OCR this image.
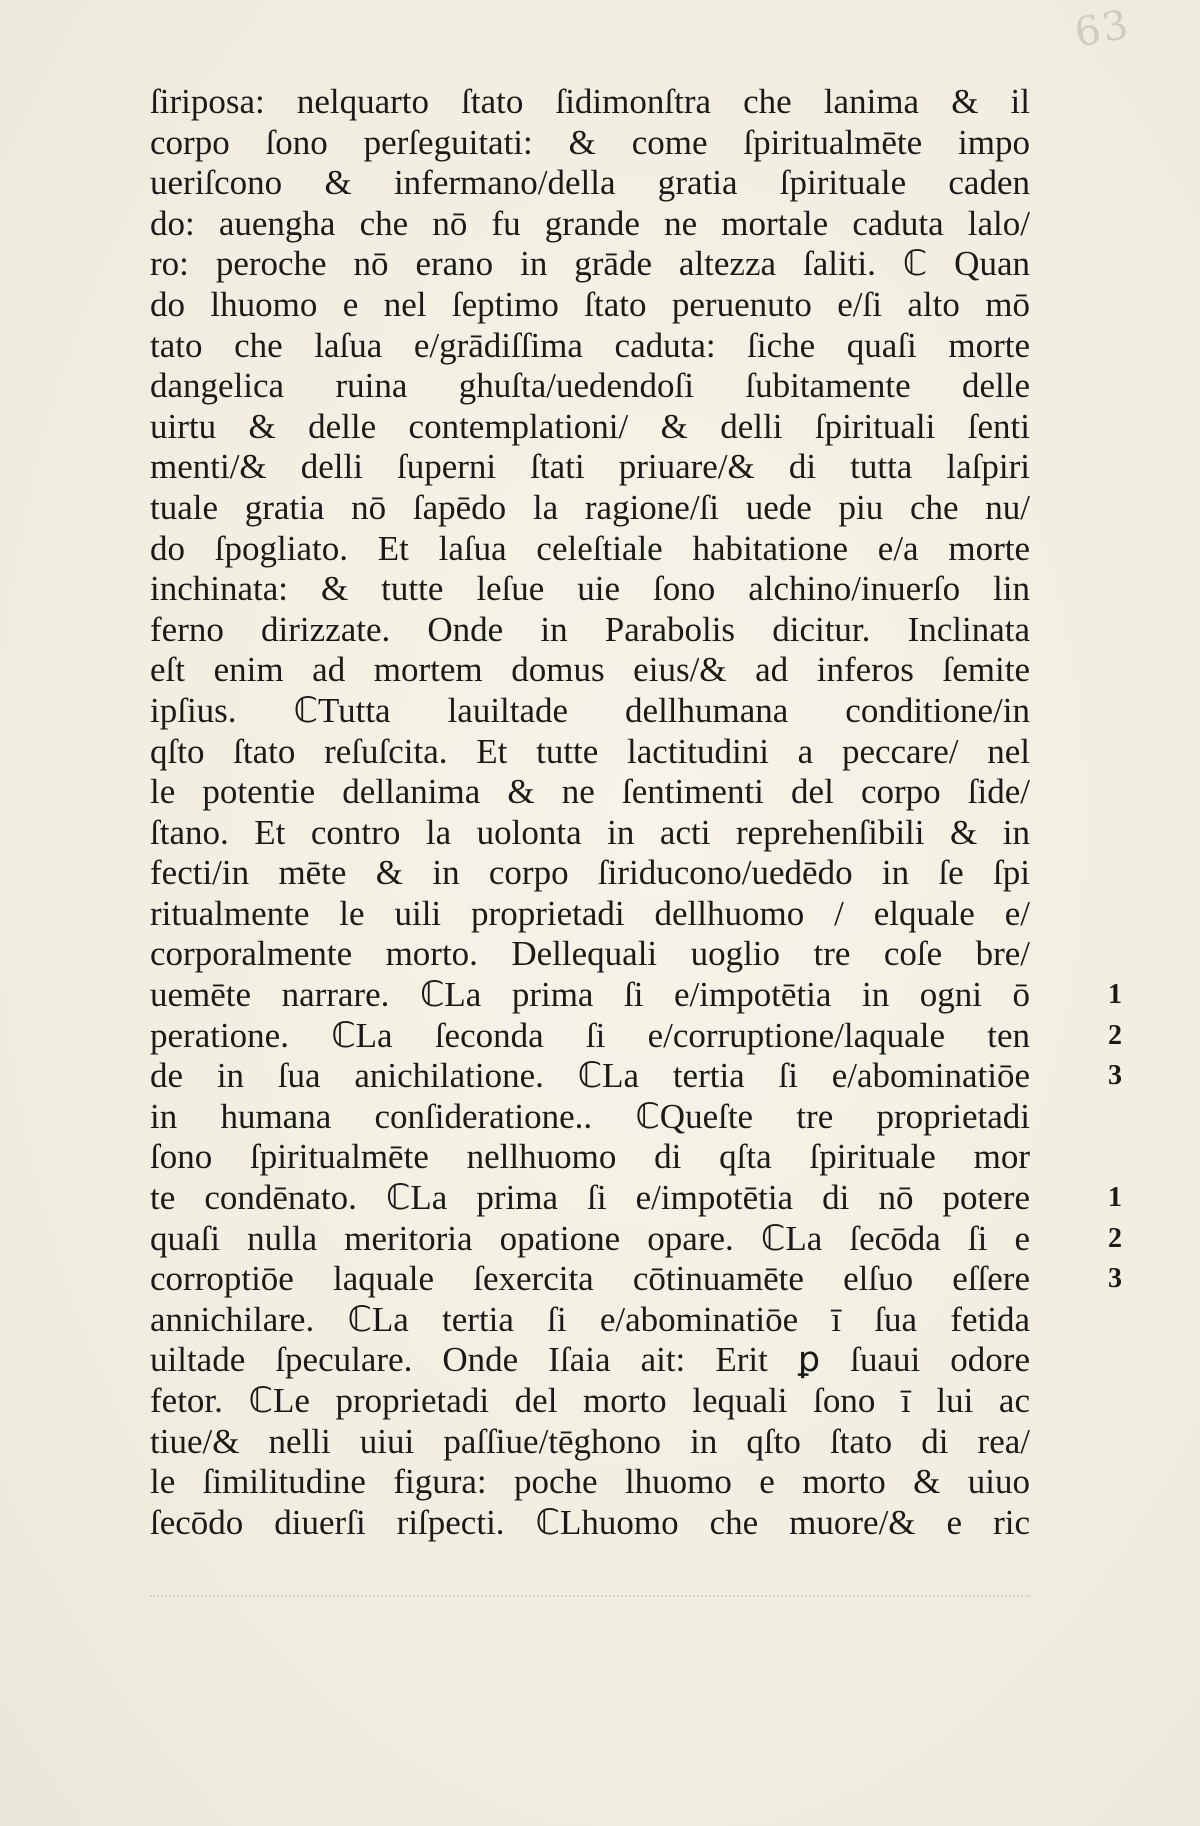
63
ſiriposa: nelquarto ſtato ſidimonſtra che lanima & il
corpo ſono perſeguitati: & come ſpiritualmēte impo
ueriſcono & infermano/della gratia ſpirituale caden
do: auengha che nō fu grande ne mortale caduta lalo/
ro: peroche nō erano in grāde altezza ſaliti. ℂ Quan
do lhuomo e nel ſeptimo ſtato peruenuto e/ſi alto mō
tato che laſua e/grādiſſima caduta: ſiche quaſi morte
dangelica ruina ghuſta/uedendoſi ſubitamente delle
uirtu & delle contemplationi/ & delli ſpirituali ſenti
menti/& delli ſuperni ſtati priuare/& di tutta laſpiri
tuale gratia nō ſapēdo la ragione/ſi uede piu che nu/
do ſpogliato. Et laſua celeſtiale habitatione e/a morte
inchinata: & tutte leſue uie ſono alchino/inuerſo lin
ferno dirizzate. Onde in Parabolis dicitur. Inclinata
eſt enim ad mortem domus eius/& ad inferos ſemite
ipſius. ℂTutta lauiltade dellhumana conditione/in
qſto ſtato reſuſcita. Et tutte lactitudini a peccare/ nel
le potentie dellanima & ne ſentimenti del corpo ſide/
ſtano. Et contro la uolonta in acti reprehenſibili & in
fecti/in mēte & in corpo ſiriducono/uedēdo in ſe ſpi
ritualmente le uili proprietadi dellhuomo / elquale e/
corporalmente morto. Dellequali uoglio tre coſe bre/
uemēte narrare. ℂLa prima ſi e/impotētia in ogni ō
peratione. ℂLa ſeconda ſi e/corruptione/laquale ten
de in ſua anichilatione. ℂLa tertia ſi e/abominatiōe
in humana conſideratione.. ℂQueſte tre proprietadi
ſono ſpiritualmēte nellhuomo di qſta ſpirituale mor
te condēnato. ℂLa prima ſi e/impotētia di nō potere
quaſi nulla meritoria opatione opare. ℂLa ſecōda ſi e
corroptiōe laquale ſexercita cōtinuamēte elſuo eſſere
annichilare. ℂLa tertia ſi e/abominatiōe ī ſua fetida
uiltade ſpeculare. Onde Iſaia ait: Erit ꝑ ſuaui odore
fetor. ℂLe proprietadi del morto lequali ſono ī lui ac
tiue/& nelli uiui paſſiue/tēghono in qſto ſtato di rea/
le ſimilitudine figura: poche lhuomo e morto & uiuo
ſecōdo diuerſi riſpecti. ℂLhuomo che muore/& e ric
1
2
3
1
2
3
